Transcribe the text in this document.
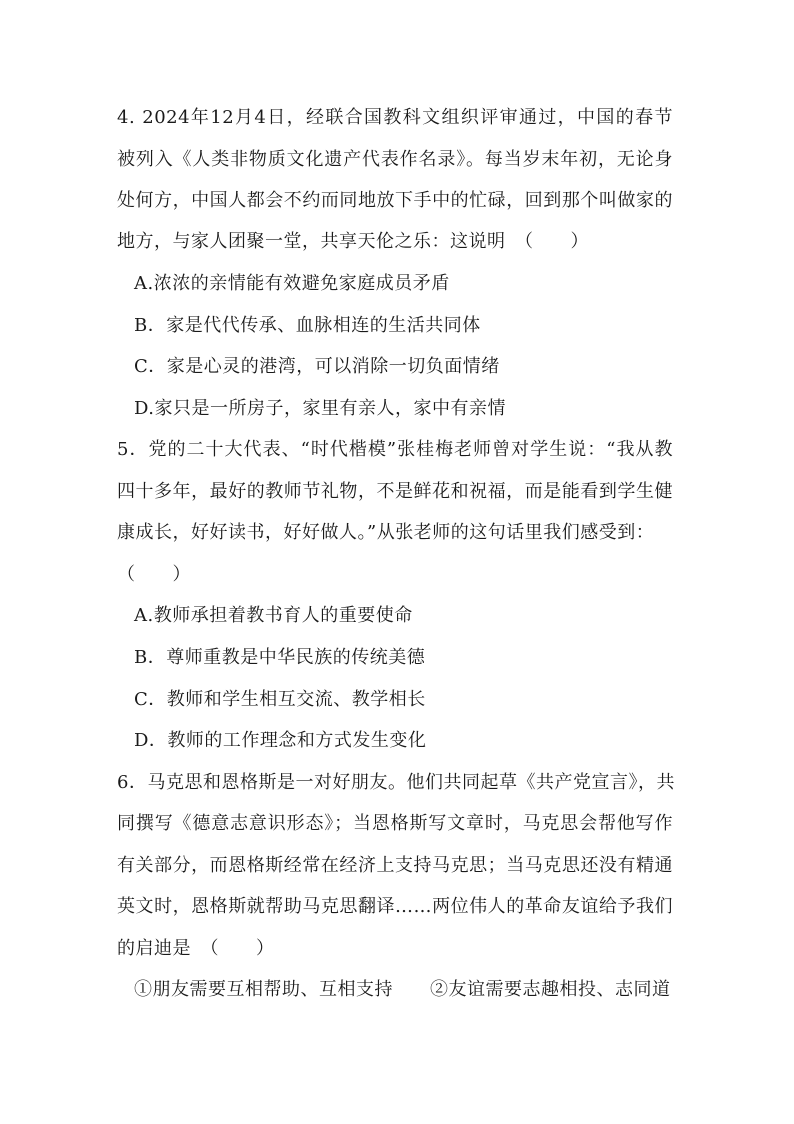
4. 2024年12月4日，经联合国教科文组织评审通过，中国的春节
被列入《人类非物质文化遗产代表作名录》。每当岁末年初，无论身
处何方，中国人都会不约而同地放下手中的忙碌，回到那个叫做家的
地方，与家人团聚一堂，共享天伦之乐：这说明　（　　）
A.浓浓的亲情能有效避免家庭成员矛盾
B．家是代代传承、血脉相连的生活共同体
C．家是心灵的港湾，可以消除一切负面情绪
D.家只是一所房子，家里有亲人，家中有亲情
5．党的二十大代表、“时代楷模”张桂梅老师曾对学生说：“我从教
四十多年，最好的教师节礼物，不是鲜花和祝福，而是能看到学生健
康成长，好好读书，好好做人。”从张老师的这句话里我们感受到：
（　　）
A.教师承担着教书育人的重要使命
B．尊师重教是中华民族的传统美德
C．教师和学生相互交流、教学相长
D．教师的工作理念和方式发生变化
6．马克思和恩格斯是一对好朋友。他们共同起草《共产党宣言》，共
同撰写《德意志意识形态》；当恩格斯写文章时，马克思会帮他写作
有关部分，而恩格斯经常在经济上支持马克思；当马克思还没有精通
英文时，恩格斯就帮助马克思翻译……两位伟人的革命友谊给予我们
的启迪是　（　　）
①朋友需要互相帮助、互相支持　　②友谊需要志趣相投、志同道
